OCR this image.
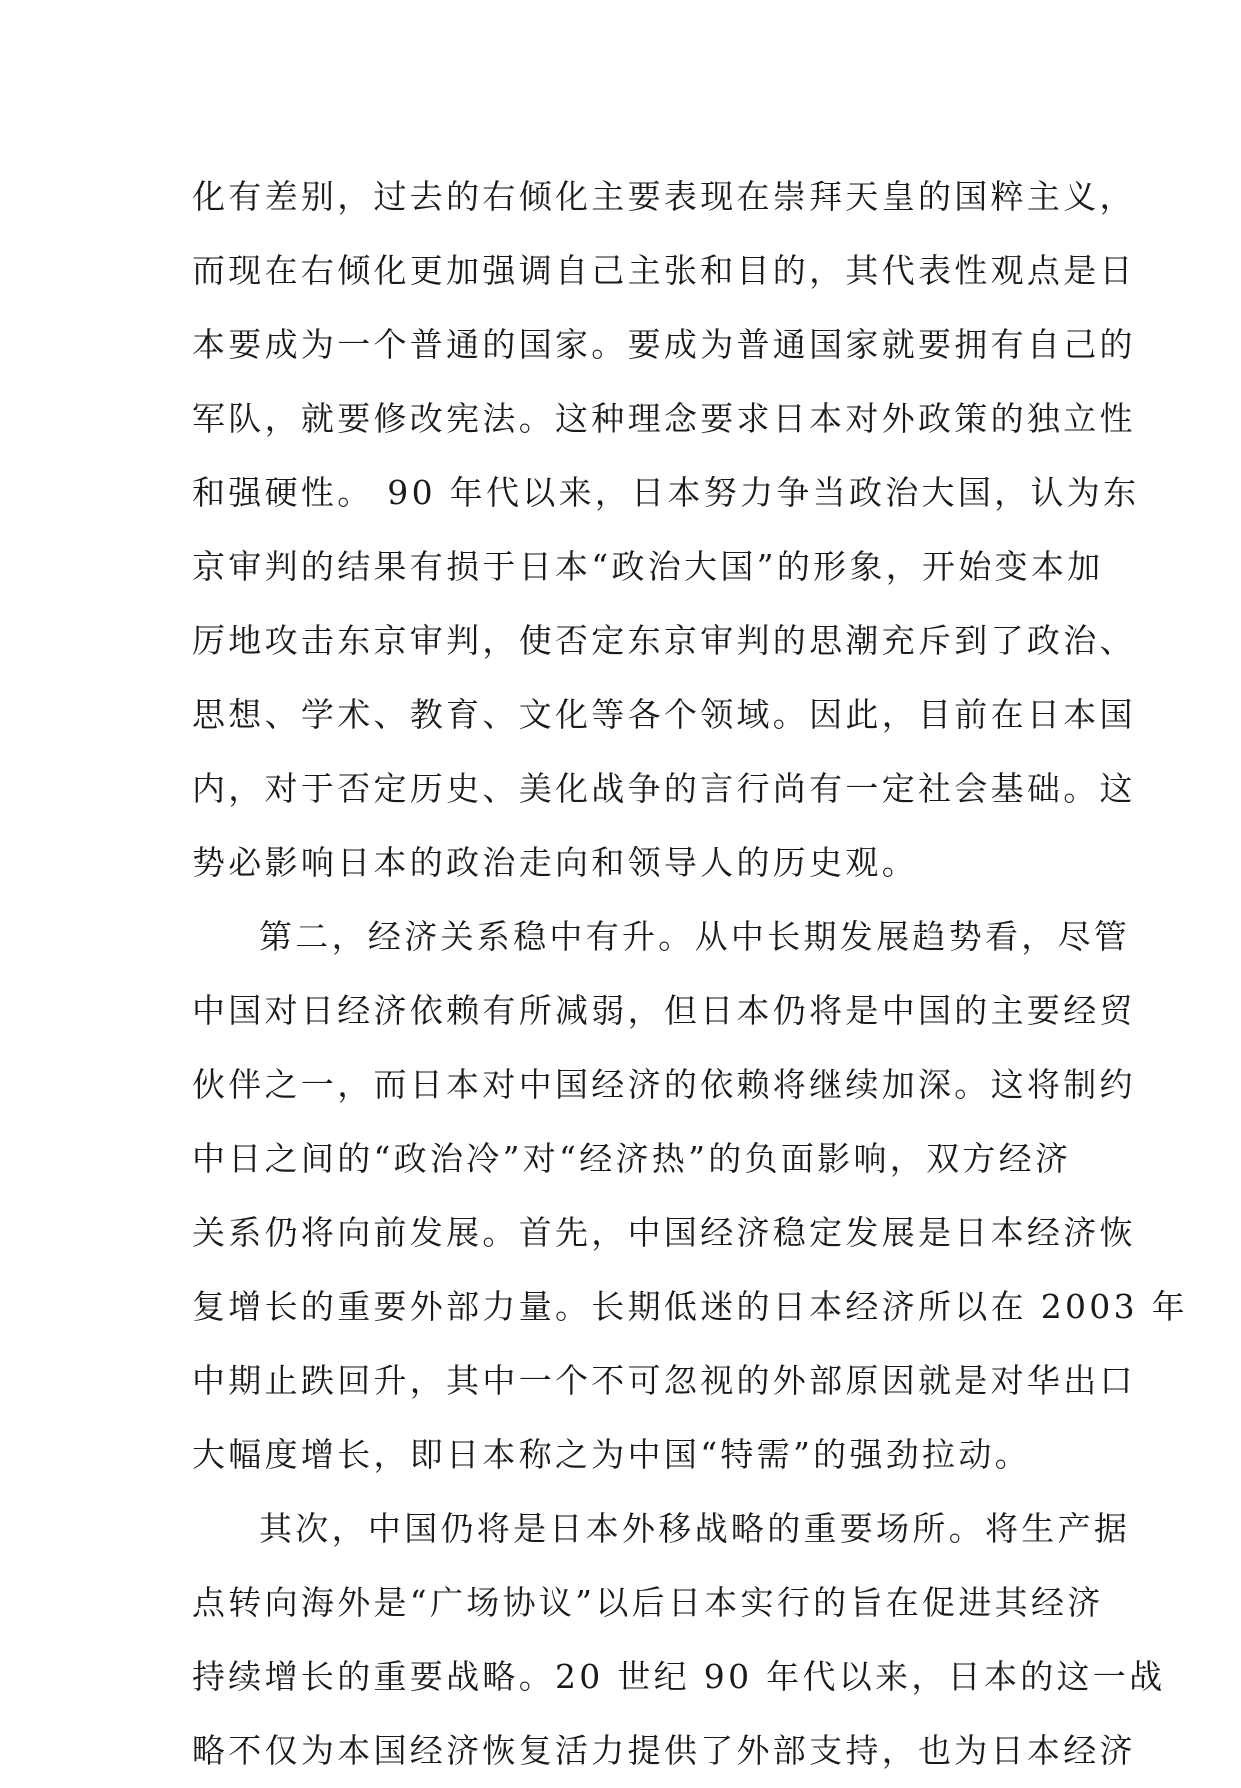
化有差别，过去的右倾化主要表现在崇拜天皇的国粹主义，
而现在右倾化更加强调自己主张和目的，其代表性观点是日
本要成为一个普通的国家。要成为普通国家就要拥有自己的
军队，就要修改宪法。这种理念要求日本对外政策的独立性
和强硬性。 90 年代以来，日本努力争当政治大国，认为东
京审判的结果有损于日本“政治大国”的形象，开始变本加
厉地攻击东京审判，使否定东京审判的思潮充斥到了政治、
思想、学术、教育、文化等各个领域。因此，目前在日本国
内，对于否定历史、美化战争的言行尚有一定社会基础。这
势必影响日本的政治走向和领导人的历史观。
第二，经济关系稳中有升。从中长期发展趋势看，尽管
中国对日经济依赖有所减弱，但日本仍将是中国的主要经贸
伙伴之一，而日本对中国经济的依赖将继续加深。这将制约
中日之间的“政治冷”对“经济热”的负面影响，双方经济
关系仍将向前发展。首先，中国经济稳定发展是日本经济恢
复增长的重要外部力量。长期低迷的日本经济所以在 2003 年
中期止跌回升，其中一个不可忽视的外部原因就是对华出口
大幅度增长，即日本称之为中国“特需”的强劲拉动。
其次，中国仍将是日本外移战略的重要场所。将生产据
点转向海外是“广场协议”以后日本实行的旨在促进其经济
持续增长的重要战略。20 世纪 90 年代以来，日本的这一战
略不仅为本国经济恢复活力提供了外部支持，也为日本经济
